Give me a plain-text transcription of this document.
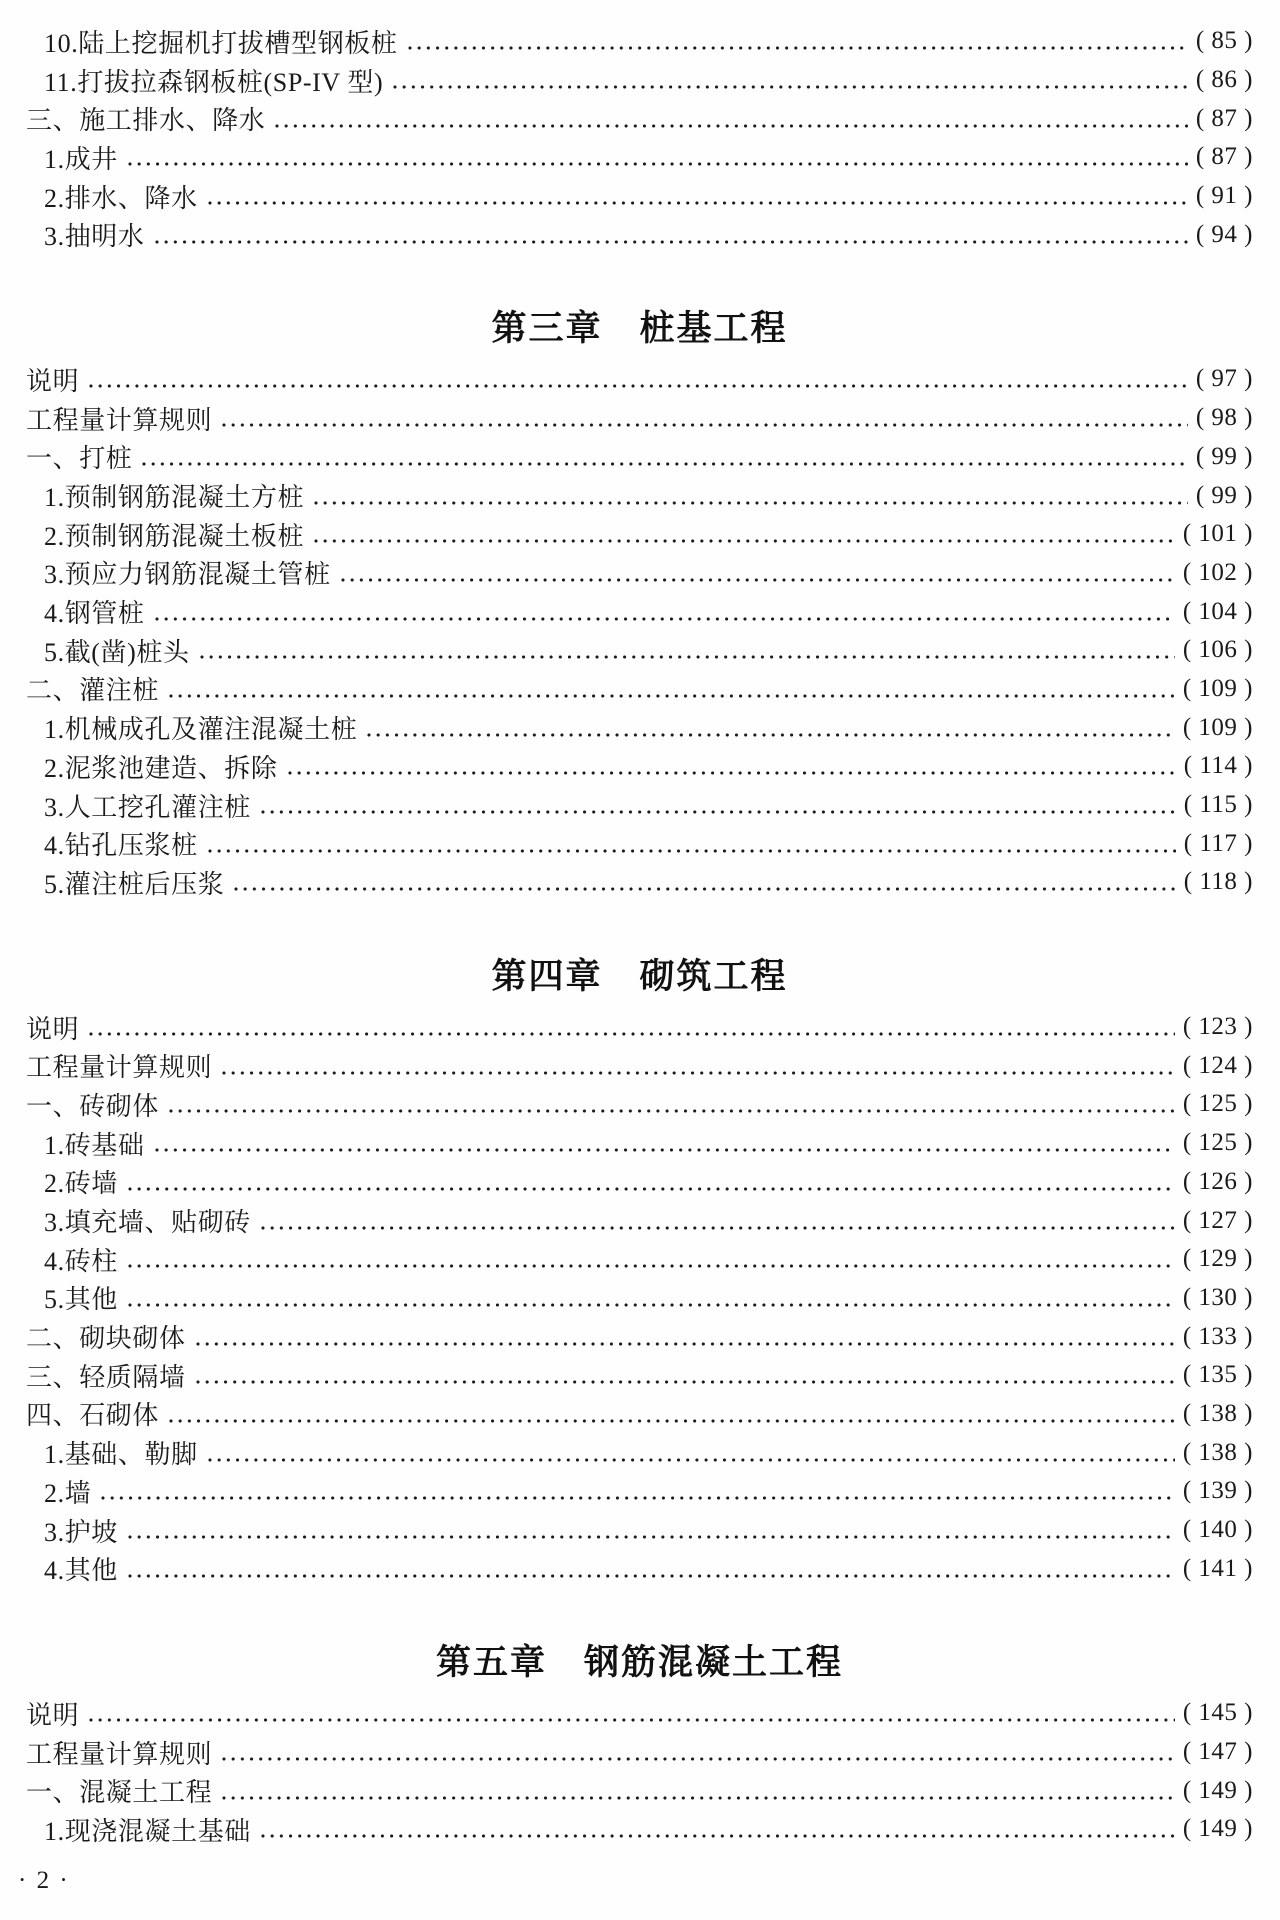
10.陆上挖掘机打拔槽型钢板桩	( 85 )
11.打拔拉森钢板桩(SP-IV 型)	( 86 )
三、施工排水、降水	( 87 )
1.成井	( 87 )
2.排水、降水	( 91 )
3.抽明水	( 94 )
第三章　桩基工程
说明	( 97 )
工程量计算规则	( 98 )
一、打桩	( 99 )
1.预制钢筋混凝土方桩	( 99 )
2.预制钢筋混凝土板桩	( 101 )
3.预应力钢筋混凝土管桩	( 102 )
4.钢管桩	( 104 )
5.截(凿)桩头	( 106 )
二、灌注桩	( 109 )
1.机械成孔及灌注混凝土桩	( 109 )
2.泥浆池建造、拆除	( 114 )
3.人工挖孔灌注桩	( 115 )
4.钻孔压浆桩	( 117 )
5.灌注桩后压浆	( 118 )
第四章　砌筑工程
说明	( 123 )
工程量计算规则	( 124 )
一、砖砌体	( 125 )
1.砖基础	( 125 )
2.砖墙	( 126 )
3.填充墙、贴砌砖	( 127 )
4.砖柱	( 129 )
5.其他	( 130 )
二、砌块砌体	( 133 )
三、轻质隔墙	( 135 )
四、石砌体	( 138 )
1.基础、勒脚	( 138 )
2.墙	( 139 )
3.护坡	( 140 )
4.其他	( 141 )
第五章　钢筋混凝土工程
说明	( 145 )
工程量计算规则	( 147 )
一、混凝土工程	( 149 )
1.现浇混凝土基础	( 149 )
· 2 ·
